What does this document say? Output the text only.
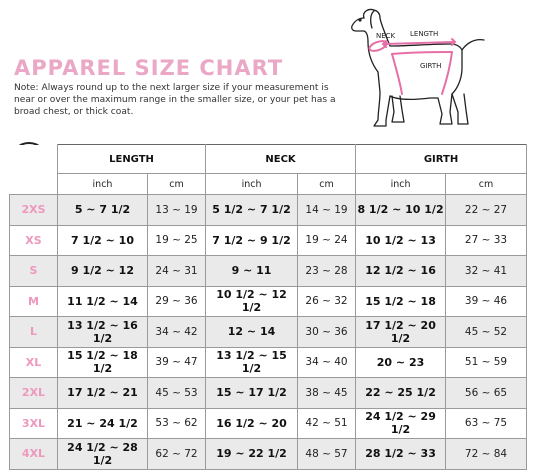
APPAREL SIZE CHART
Note: Always round up to the next larger size if your measurement is near or over the maximum range in the smaller size, or your pet has a broad chest, or thick coat.
NECK LENGTH
GIRTH
	LENGTH		NECK		GIRTH	
	inch	cm	inch	cm	inch	cm
2XS	5 ~ 7 1/2	13 ~ 19	5 1/2 ~ 7 1/2	14 ~ 19	8 1/2 ~ 10 1/2	22 ~ 27
XS	7 1/2 ~ 10	19 ~ 25	7 1/2 ~ 9 1/2	19 ~ 24	10 1/2 ~ 13	27 ~ 33
S	9 1/2 ~ 12	24 ~ 31	9 ~ 11	23 ~ 28	12 1/2 ~ 16	32 ~ 41
M	11 1/2 ~ 14	29 ~ 36	10 1/2 ~ 12 1/2	26 ~ 32	15 1/2 ~ 18	39 ~ 46
L	13 1/2 ~ 16 1/2	34 ~ 42	12 ~ 14	30 ~ 36	17 1/2 ~ 20 1/2	45 ~ 52
XL	15 1/2 ~ 18 1/2	39 ~ 47	13 1/2 ~ 15 1/2	34 ~ 40	20 ~ 23	51 ~ 59
2XL	17 1/2 ~ 21	45 ~ 53	15 ~ 17 1/2	38 ~ 45	22 ~ 25 1/2	56 ~ 65
3XL	21 ~ 24 1/2	53 ~ 62	16 1/2 ~ 20	42 ~ 51	24 1/2 ~ 29 1/2	63 ~ 75
4XL	24 1/2 ~ 28 1/2	62 ~ 72	19 ~ 22 1/2	48 ~ 57	28 1/2 ~ 33	72 ~ 84
